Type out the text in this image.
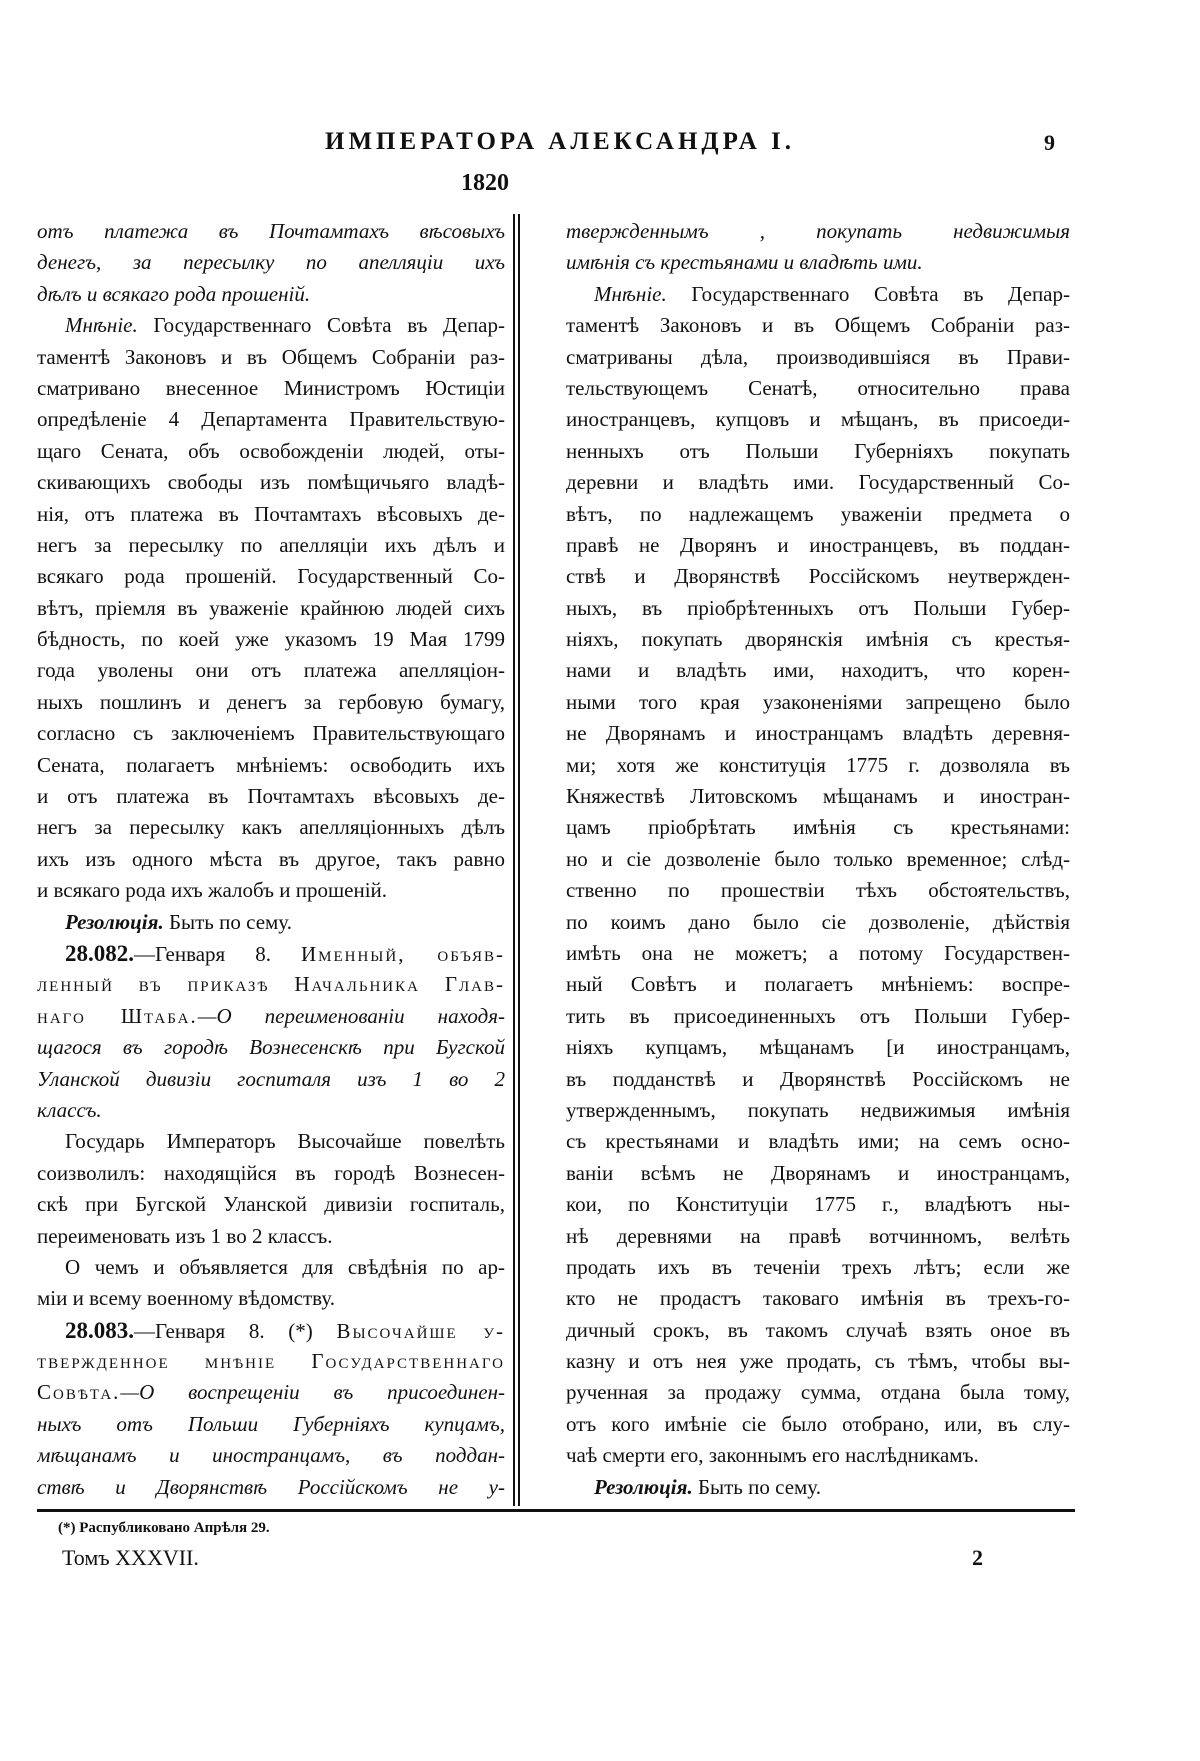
ИМПЕРАТОРА АЛЕКСАНДРА I.	9
1820
отъ платежа въ Почтамтахъ вѣсовыхъ
денегъ, за пересылку по апелляціи ихъ
дѣлъ и всякаго рода прошеній.
Мнѣніе. Государственнаго Совѣта въ Депар-
таментѣ Законовъ и въ Общемъ Собраніи раз-
сматривано внесенное Министромъ Юстиціи
опредѣленіе 4 Департамента Правительствую-
щаго Сената, объ освобожденіи людей, оты-
скивающихъ свободы изъ помѣщичьяго владѣ-
нія, отъ платежа въ Почтамтахъ вѣсовыхъ де-
негъ за пересылку по апелляціи ихъ дѣлъ и
всякаго рода прошеній. Государственный Со-
вѣтъ, пріемля въ уваженіе крайнюю людей сихъ
бѣдность, по коей уже указомъ 19 Мая 1799
года уволены они отъ платежа апелляціон-
ныхъ пошлинъ и денегъ за гербовую бумагу,
согласно съ заключеніемъ Правительствующаго
Сената, полагаетъ мнѣніемъ: освободить ихъ
и отъ платежа въ Почтамтахъ вѣсовыхъ де-
негъ за пересылку какъ апелляціонныхъ дѣлъ
ихъ изъ одного мѣста въ другое, такъ равно
и всякаго рода ихъ жалобъ и прошеній.
Резолюція. Быть по сему.
28.082.—Генваря 8. Именный, объяв-
ленный въ приказѣ Начальника Глав-
наго Штаба.—О переименованіи находя-
щагося въ городѣ Вознесенскѣ при Бугской
Уланской дивизіи госпиталя изъ 1 во 2
классъ.
Государь Императоръ Высочайше повелѣть
соизволилъ: находящійся въ городѣ Вознесен-
скѣ при Бугской Уланской дивизіи госпиталь,
переименовать изъ 1 во 2 классъ.
О чемъ и объявляется для свѣдѣнія по ар-
міи и всему военному вѣдомству.
28.083.—Генваря 8. (*) Высочайше у-
твержденное мнѣніе Государственнаго
Совѣта.—О воспрещеніи въ присоединен-
ныхъ отъ Польши Губерніяхъ купцамъ,
мѣщанамъ и иностранцамъ, въ поддан-
ствѣ и Дворянствѣ Россійскомъ не у-
твержденнымъ , покупать недвижимыя
имѣнія съ крестьянами и владѣть ими.
Мнѣніе. Государственнаго Совѣта въ Депар-
таментѣ Законовъ и въ Общемъ Собраніи раз-
сматриваны дѣла, производившіяся въ Прави-
тельствующемъ Сенатѣ, относительно права
иностранцевъ, купцовъ и мѣщанъ, въ присоеди-
ненныхъ отъ Польши Губерніяхъ покупать
деревни и владѣть ими. Государственный Со-
вѣтъ, по надлежащемъ уваженіи предмета о
правѣ не Дворянъ и иностранцевъ, въ поддан-
ствѣ и Дворянствѣ Россійскомъ неутвержден-
ныхъ, въ пріобрѣтенныхъ отъ Польши Губер-
ніяхъ, покупать дворянскія имѣнія съ крестья-
нами и владѣть ими, находитъ, что корен-
ными того края узаконеніями запрещено было
не Дворянамъ и иностранцамъ владѣть деревня-
ми; хотя же конституція 1775 г. дозволяла въ
Княжествѣ Литовскомъ мѣщанамъ и иностран-
цамъ пріобрѣтать имѣнія съ крестьянами:
но и сіе дозволеніе было только временное; слѣд-
ственно по прошествіи тѣхъ обстоятельствъ,
по коимъ дано было сіе дозволеніе, дѣйствія
имѣть она не можетъ; а потому Государствен-
ный Совѣтъ и полагаетъ мнѣніемъ: воспре-
тить въ присоединенныхъ отъ Польши Губер-
ніяхъ купцамъ, мѣщанамъ [и иностранцамъ,
въ подданствѣ и Дворянствѣ Россійскомъ не
утвержденнымъ, покупать недвижимыя имѣнія
съ крестьянами и владѣть ими; на семъ осно-
ваніи всѣмъ не Дворянамъ и иностранцамъ,
кои, по Конституціи 1775 г., владѣютъ ны-
нѣ деревнями на правѣ вотчинномъ, велѣть
продать ихъ въ теченіи трехъ лѣтъ; если же
кто не продастъ таковаго имѣнія въ трехъ-го-
дичный срокъ, въ такомъ случаѣ взять оное въ
казну и отъ нея уже продать, съ тѣмъ, чтобы вы-
рученная за продажу сумма, отдана была тому,
отъ кого имѣніе сіе было отобрано, или, въ слу-
чаѣ смерти его, законнымъ его наслѣдникамъ.
Резолюція. Быть по сему.
(*) Распубликовано Апрѣля 29.
Томъ XXXVII.	2
